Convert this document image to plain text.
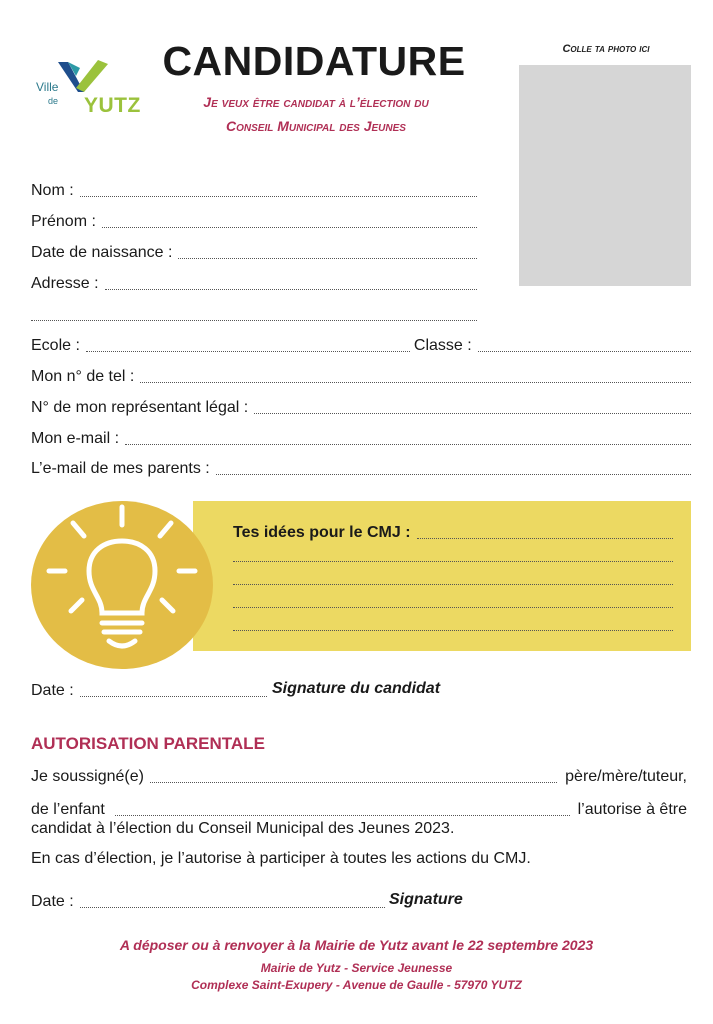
Ville
de YUTZ
CANDIDATURE
Je veux être candidat à l’élection du
Conseil Municipal des Jeunes
Colle ta photo ici
Nom :
Prénom :
Date de naissance :
Adresse :
Ecole :	Classe :
Mon n° de tel :
N° de mon représentant légal :
Mon e-mail :
L’e-mail de mes parents :
Tes idées pour le CMJ :
Date :	Signature du candidat
AUTORISATION PARENTALE
Je soussigné(e)	père/mère/tuteur,
de l’enfant	l’autorise à être
candidat à l’élection du Conseil Municipal des Jeunes 2023.
En cas d’élection, je l’autorise à participer à toutes les actions du CMJ.
Date :	Signature
A déposer ou à renvoyer à la Mairie de Yutz avant le 22 septembre 2023
Mairie de Yutz - Service Jeunesse
Complexe Saint-Exupery - Avenue de Gaulle - 57970 YUTZ
